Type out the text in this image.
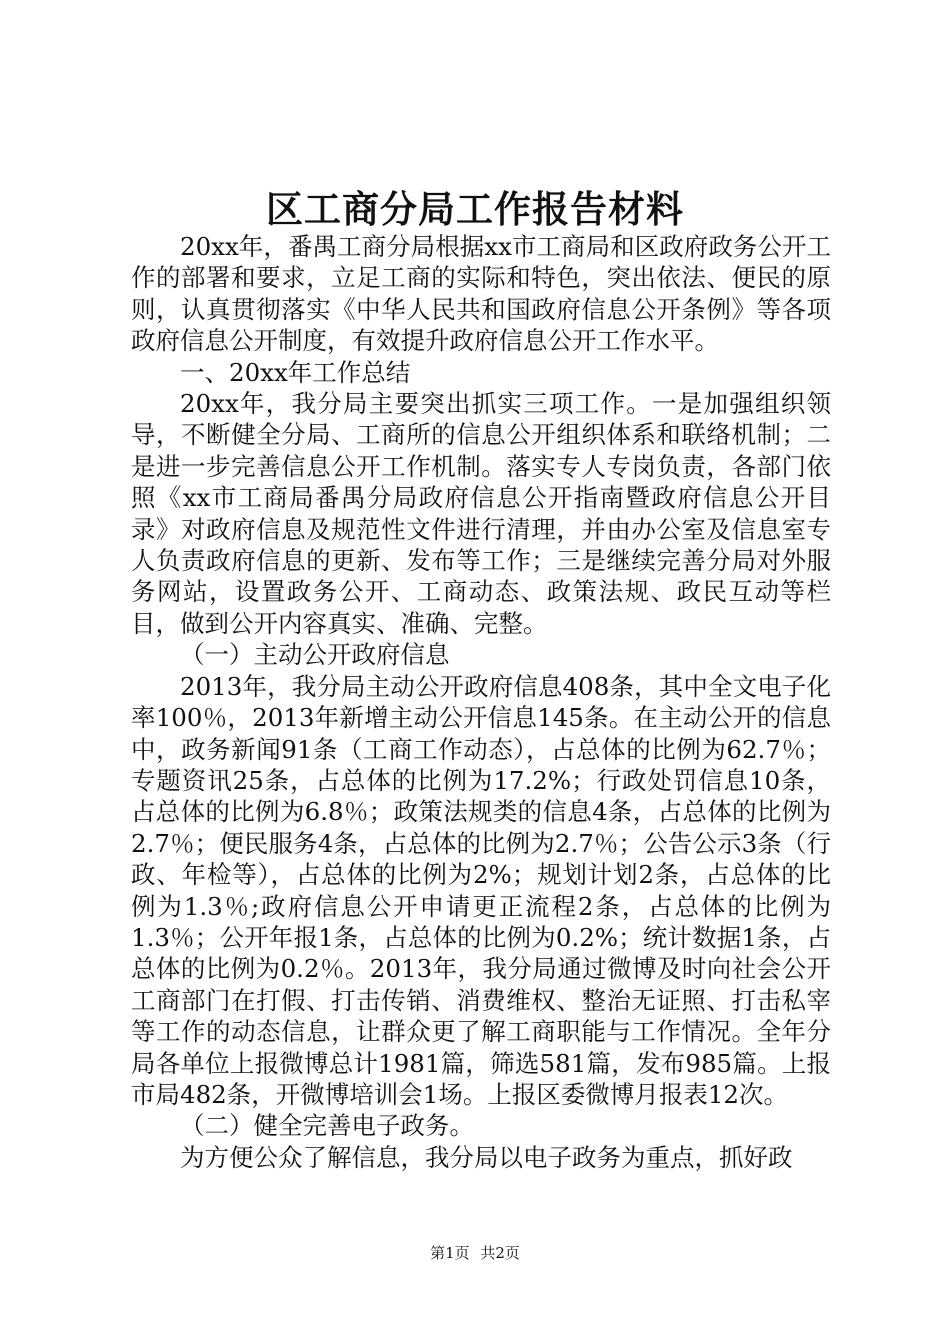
区工商分局工作报告材料

20xx年，番禺工商分局根据xx市工商局和区政府政务公开工作的部署和要求，立足工商的实际和特色，突出依法、便民的原则，认真贯彻落实《中华人民共和国政府信息公开条例》等各项政府信息公开制度，有效提升政府信息公开工作水平。

一、20xx年工作总结

20xx年，我分局主要突出抓实三项工作。一是加强组织领导，不断健全分局、工商所的信息公开组织体系和联络机制；二是进一步完善信息公开工作机制。落实专人专岗负责，各部门依照《xx市工商局番禺分局政府信息公开指南暨政府信息公开目录》对政府信息及规范性文件进行清理，并由办公室及信息室专人负责政府信息的更新、发布等工作；三是继续完善分局对外服务网站，设置政务公开、工商动态、政策法规、政民互动等栏目，做到公开内容真实、准确、完整。

（一）主动公开政府信息

2013年，我分局主动公开政府信息408条，其中全文电子化率100％，2013年新增主动公开信息145条。在主动公开的信息中，政务新闻91条（工商工作动态），占总体的比例为62.7％；专题资讯25条，占总体的比例为17.2%；行政处罚信息10条，占总体的比例为6.8％；政策法规类的信息4条，占总体的比例为2.7％；便民服务4条，占总体的比例为2.7％；公告公示3条（行政、年检等），占总体的比例为2%；规划计划2条，占总体的比例为1.3％;政府信息公开申请更正流程2条，占总体的比例为1.3％；公开年报1条，占总体的比例为0.2%；统计数据1条，占总体的比例为0.2％。2013年，我分局通过微博及时向社会公开工商部门在打假、打击传销、消费维权、整治无证照、打击私宰等工作的动态信息，让群众更了解工商职能与工作情况。全年分局各单位上报微博总计1981篇，筛选581篇，发布985篇。上报市局482条，开微博培训会1场。上报区委微博月报表12次。

（二）健全完善电子政务。

为方便公众了解信息，我分局以电子政务为重点，抓好政

第1页 共2页
